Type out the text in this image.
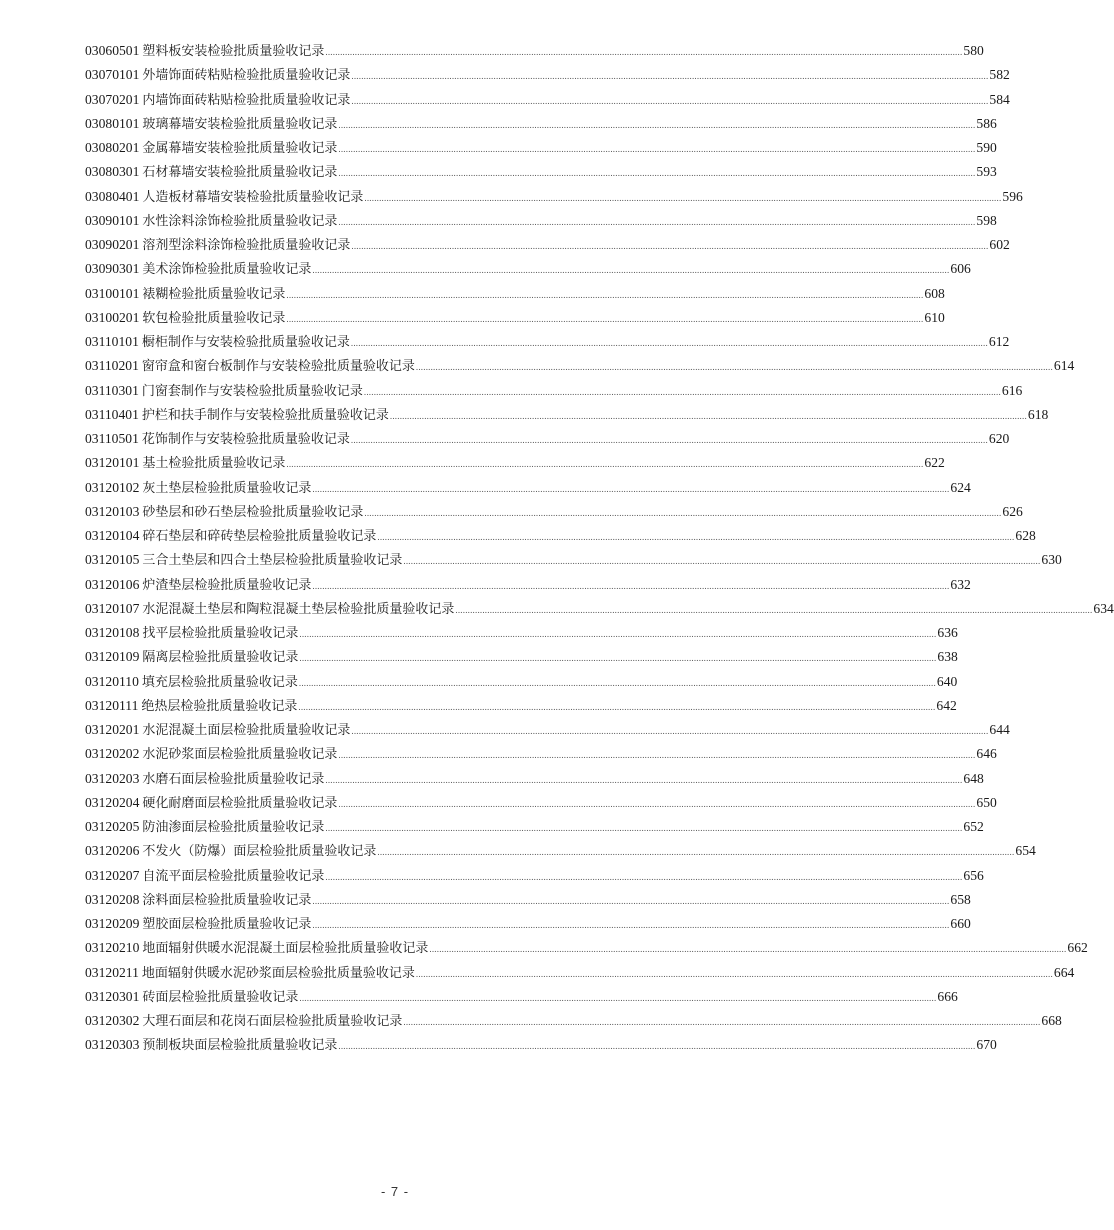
03060501 塑料板安装检验批质量验收记录 .................................................................................................................................................................................................................................................................... 580
03070101 外墙饰面砖粘贴检验批质量验收记录 .................................................................................................................................................................................................................................................................... 582
03070201 内墙饰面砖粘贴检验批质量验收记录 .................................................................................................................................................................................................................................................................... 584
03080101 玻璃幕墙安装检验批质量验收记录 .................................................................................................................................................................................................................................................................... 586
03080201 金属幕墙安装检验批质量验收记录 .................................................................................................................................................................................................................................................................... 590
03080301 石材幕墙安装检验批质量验收记录 .................................................................................................................................................................................................................................................................... 593
03080401 人造板材幕墙安装检验批质量验收记录 .................................................................................................................................................................................................................................................................... 596
03090101 水性涂料涂饰检验批质量验收记录 .................................................................................................................................................................................................................................................................... 598
03090201 溶剂型涂料涂饰检验批质量验收记录 .................................................................................................................................................................................................................................................................... 602
03090301 美术涂饰检验批质量验收记录 .................................................................................................................................................................................................................................................................... 606
03100101 裱糊检验批质量验收记录 .................................................................................................................................................................................................................................................................... 608
03100201 软包检验批质量验收记录 .................................................................................................................................................................................................................................................................... 610
03110101 橱柜制作与安装检验批质量验收记录 .................................................................................................................................................................................................................................................................... 612
03110201 窗帘盒和窗台板制作与安装检验批质量验收记录 .................................................................................................................................................................................................................................................................... 614
03110301 门窗套制作与安装检验批质量验收记录 .................................................................................................................................................................................................................................................................... 616
03110401 护栏和扶手制作与安装检验批质量验收记录 .................................................................................................................................................................................................................................................................... 618
03110501 花饰制作与安装检验批质量验收记录 .................................................................................................................................................................................................................................................................... 620
03120101 基土检验批质量验收记录 .................................................................................................................................................................................................................................................................... 622
03120102 灰土垫层检验批质量验收记录 .................................................................................................................................................................................................................................................................... 624
03120103 砂垫层和砂石垫层检验批质量验收记录 .................................................................................................................................................................................................................................................................... 626
03120104 碎石垫层和碎砖垫层检验批质量验收记录 .................................................................................................................................................................................................................................................................... 628
03120105 三合土垫层和四合土垫层检验批质量验收记录 .................................................................................................................................................................................................................................................................... 630
03120106 炉渣垫层检验批质量验收记录 .................................................................................................................................................................................................................................................................... 632
03120107 水泥混凝土垫层和陶粒混凝土垫层检验批质量验收记录 .................................................................................................................................................................................................................................................................... 634
03120108 找平层检验批质量验收记录 .................................................................................................................................................................................................................................................................... 636
03120109 隔离层检验批质量验收记录 .................................................................................................................................................................................................................................................................... 638
03120110 填充层检验批质量验收记录 .................................................................................................................................................................................................................................................................... 640
03120111 绝热层检验批质量验收记录 .................................................................................................................................................................................................................................................................... 642
03120201 水泥混凝土面层检验批质量验收记录 .................................................................................................................................................................................................................................................................... 644
03120202 水泥砂浆面层检验批质量验收记录 .................................................................................................................................................................................................................................................................... 646
03120203 水磨石面层检验批质量验收记录 .................................................................................................................................................................................................................................................................... 648
03120204 硬化耐磨面层检验批质量验收记录 .................................................................................................................................................................................................................................................................... 650
03120205 防油渗面层检验批质量验收记录 .................................................................................................................................................................................................................................................................... 652
03120206 不发火（防爆）面层检验批质量验收记录 .................................................................................................................................................................................................................................................................... 654
03120207 自流平面层检验批质量验收记录 .................................................................................................................................................................................................................................................................... 656
03120208 涂料面层检验批质量验收记录 .................................................................................................................................................................................................................................................................... 658
03120209 塑胶面层检验批质量验收记录 .................................................................................................................................................................................................................................................................... 660
03120210 地面辐射供暖水泥混凝土面层检验批质量验收记录 .................................................................................................................................................................................................................................................................... 662
03120211 地面辐射供暖水泥砂浆面层检验批质量验收记录 .................................................................................................................................................................................................................................................................... 664
03120301 砖面层检验批质量验收记录 .................................................................................................................................................................................................................................................................... 666
03120302 大理石面层和花岗石面层检验批质量验收记录 .................................................................................................................................................................................................................................................................... 668
03120303 预制板块面层检验批质量验收记录 .................................................................................................................................................................................................................................................................... 670
- 7 -
